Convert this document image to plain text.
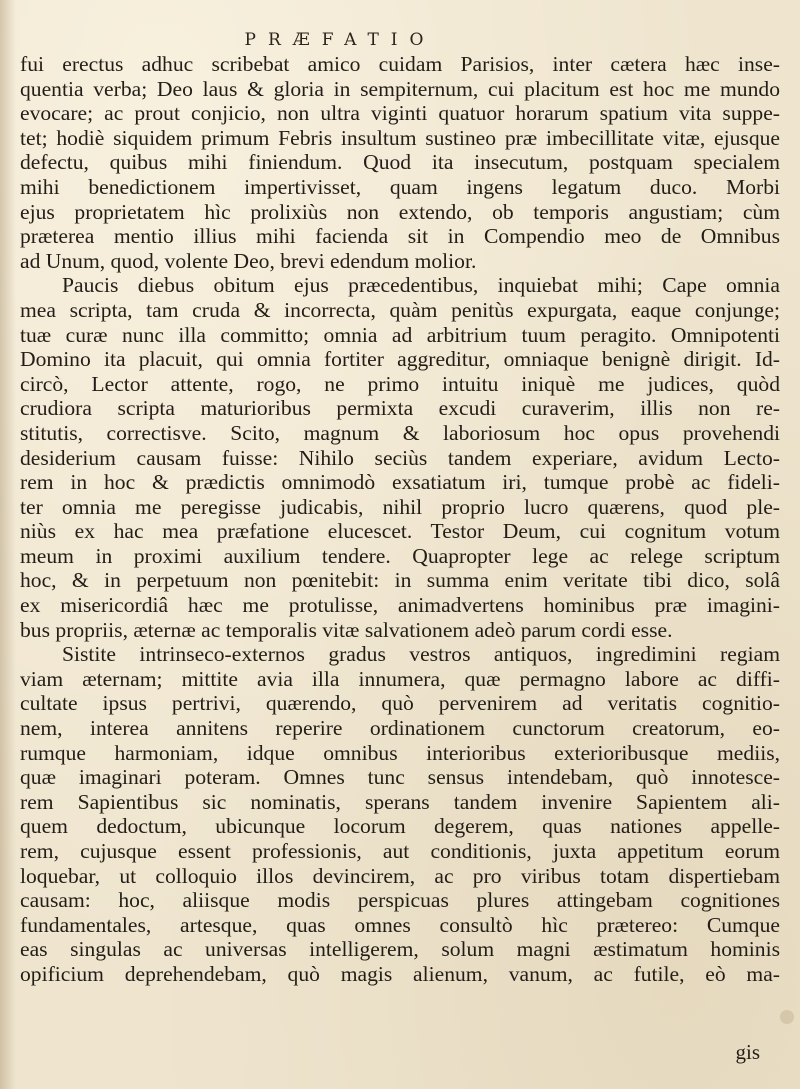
PRÆFATIO
fui erectus adhuc scribebat amico cuidam Parisios, inter cætera hæc inse-
quentia verba; Deo laus & gloria in sempiternum, cui placitum est hoc me mundo
evocare; ac prout conjicio, non ultra viginti quatuor horarum spatium vita suppe-
tet; hodiè siquidem primum Febris insultum sustineo præ imbecillitate vitæ, ejusque
defectu, quibus mihi finiendum. Quod ita insecutum, postquam specialem
mihi benedictionem impertivisset, quam ingens legatum duco. Morbi
ejus proprietatem hìc prolixiùs non extendo, ob temporis angustiam; cùm
præterea mentio illius mihi facienda sit in Compendio meo de Omnibus
ad Unum, quod, volente Deo, brevi edendum molior.
Paucis diebus obitum ejus præcedentibus, inquiebat mihi; Cape omnia
mea scripta, tam cruda & incorrecta, quàm penitùs expurgata, eaque conjunge;
tuæ curæ nunc illa committo; omnia ad arbitrium tuum peragito. Omnipotenti
Domino ita placuit, qui omnia fortiter aggreditur, omniaque benignè dirigit. Id-
circò, Lector attente, rogo, ne primo intuitu iniquè me judices, quòd
crudiora scripta maturioribus permixta excudi curaverim, illis non re-
stitutis, correctisve. Scito, magnum & laboriosum hoc opus provehendi
desiderium causam fuisse: Nihilo seciùs tandem experiare, avidum Lecto-
rem in hoc & prædictis omnimodò exsatiatum iri, tumque probè ac fideli-
ter omnia me peregisse judicabis, nihil proprio lucro quærens, quod ple-
niùs ex hac mea præfatione elucescet. Testor Deum, cui cognitum votum
meum in proximi auxilium tendere. Quapropter lege ac relege scriptum
hoc, & in perpetuum non pœnitebit: in summa enim veritate tibi dico, solâ
ex misericordiâ hæc me protulisse, animadvertens hominibus præ imagini-
bus propriis, æternæ ac temporalis vitæ salvationem adeò parum cordi esse.
Sistite intrinseco-externos gradus vestros antiquos, ingredimini regiam
viam æternam; mittite avia illa innumera, quæ permagno labore ac diffi-
cultate ipsus pertrivi, quærendo, quò pervenirem ad veritatis cognitio-
nem, interea annitens reperire ordinationem cunctorum creatorum, eo-
rumque harmoniam, idque omnibus interioribus exterioribusque mediis,
quæ imaginari poteram. Omnes tunc sensus intendebam, quò innotesce-
rem Sapientibus sic nominatis, sperans tandem invenire Sapientem ali-
quem dedoctum, ubicunque locorum degerem, quas nationes appelle-
rem, cujusque essent professionis, aut conditionis, juxta appetitum eorum
loquebar, ut colloquio illos devincirem, ac pro viribus totam dispertiebam
causam: hoc, aliisque modis perspicuas plures attingebam cognitiones
fundamentales, artesque, quas omnes consultò hìc prætereo: Cumque
eas singulas ac universas intelligerem, solum magni æstimatum hominis
opificium deprehendebam, quò magis alienum, vanum, ac futile, eò ma-
gis
